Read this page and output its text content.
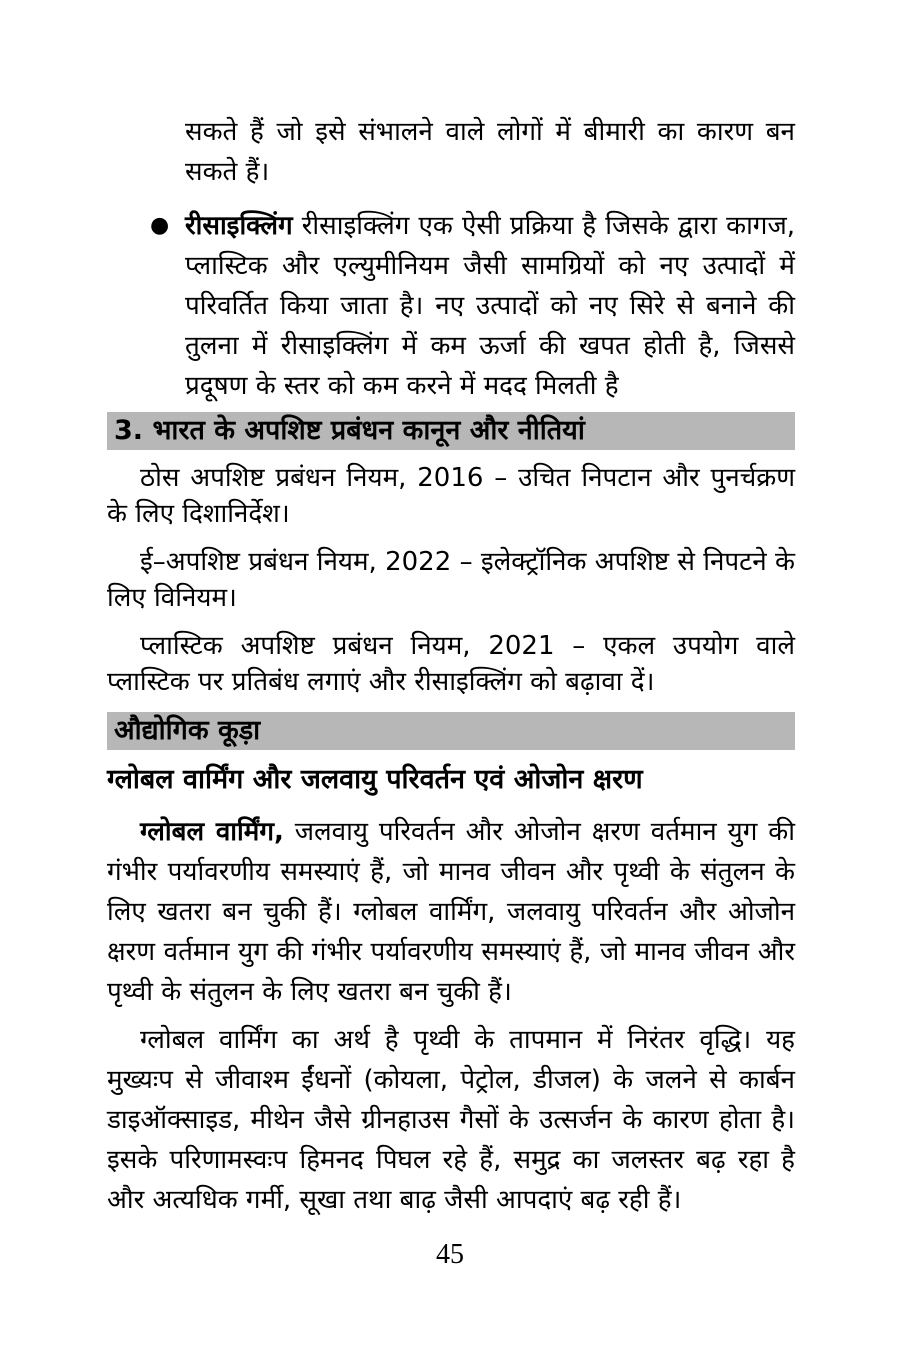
सकते हैं जो इसे संभालने वाले लोगों में बीमारी का कारण बन सकते हैं।

● रीसाइक्लिंग रीसाइक्लिंग एक ऐसी प्रक्रिया है जिसके द्वारा कागज, प्लास्टिक और एल्युमीनियम जैसी सामग्रियों को नए उत्पादों में परिवर्तित किया जाता है। नए उत्पादों को नए सिरे से बनाने की तुलना में रीसाइक्लिंग में कम ऊर्जा की खपत होती है, जिससे प्रदूषण के स्तर को कम करने में मदद मिलती है

3. भारत के अपशिष्ट प्रबंधन कानून और नीतियां

ठोस अपशिष्ट प्रबंधन नियम, 2016 – उचित निपटान और पुनर्चक्रण के लिए दिशानिर्देश।

ई–अपशिष्ट प्रबंधन नियम, 2022 – इलेक्ट्रॉनिक अपशिष्ट से निपटने के लिए विनियम।

प्लास्टिक अपशिष्ट प्रबंधन नियम, 2021 – एकल उपयोग वाले प्लास्टिक पर प्रतिबंध लगाएं और रीसाइक्लिंग को बढ़ावा दें।

औद्योगिक कूड़ा
ग्लोबल वार्मिंग और जलवायु परिवर्तन एवं ओजोन क्षरण

ग्लोबल वार्मिंग, जलवायु परिवर्तन और ओजोन क्षरण वर्तमान युग की गंभीर पर्यावरणीय समस्याएं हैं, जो मानव जीवन और पृथ्वी के संतुलन के लिए खतरा बन चुकी हैं। ग्लोबल वार्मिंग, जलवायु परिवर्तन और ओजोन क्षरण वर्तमान युग की गंभीर पर्यावरणीय समस्याएं हैं, जो मानव जीवन और पृथ्वी के संतुलन के लिए खतरा बन चुकी हैं।

ग्लोबल वार्मिंग का अर्थ है पृथ्वी के तापमान में निरंतर वृद्धि। यह मुख्यःप से जीवाश्म ईंधनों (कोयला, पेट्रोल, डीजल) के जलने से कार्बन डाइऑक्साइड, मीथेन जैसे ग्रीनहाउस गैसों के उत्सर्जन के कारण होता है। इसके परिणामस्वःप हिमनद पिघल रहे हैं, समुद्र का जलस्तर बढ़ रहा है और अत्यधिक गर्मी, सूखा तथा बाढ़ जैसी आपदाएं बढ़ रही हैं।

45
